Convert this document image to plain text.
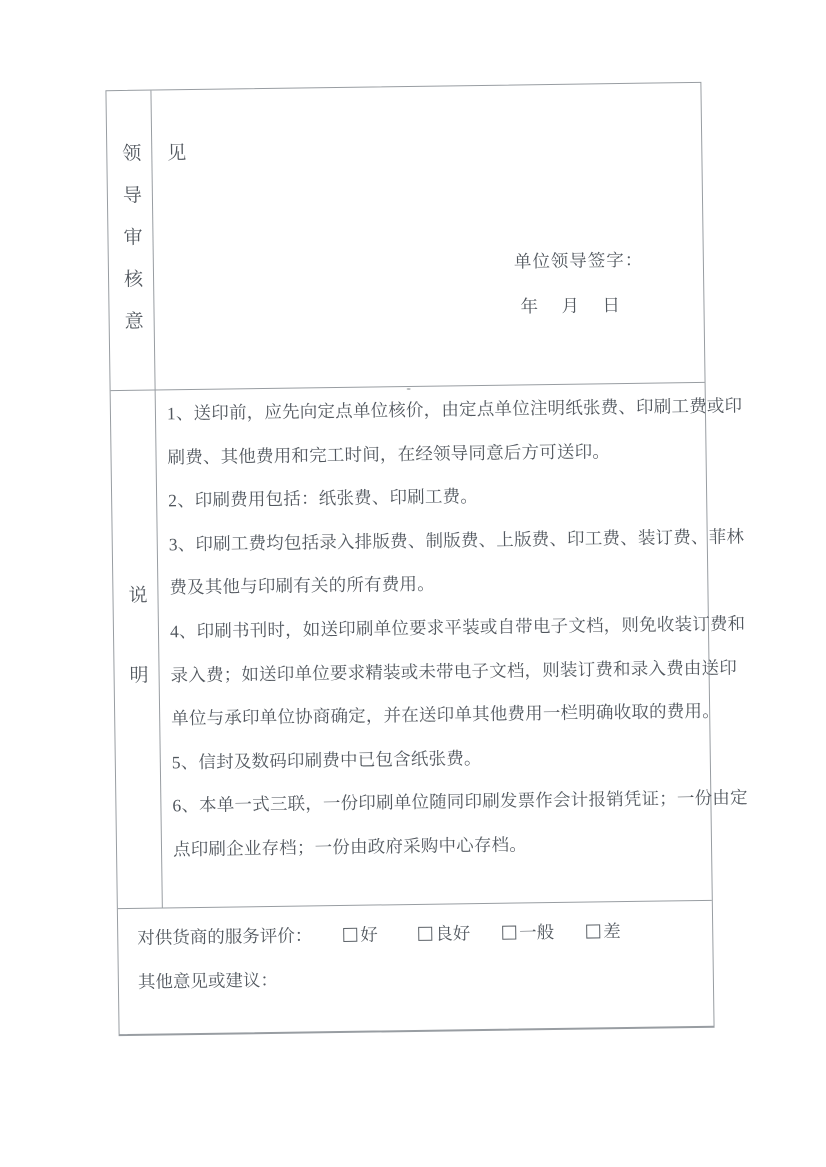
领导审核意见
单位领导签字：
年　月　日
说明

1、送印前，应先向定点单位核价，由定点单位注明纸张费、印刷工费或印

刷费、其他费用和完工时间，在经领导同意后方可送印。

2、印刷费用包括：纸张费、印刷工费。

3、印刷工费均包括录入排版费、制版费、上版费、印工费、装订费、菲林

费及其他与印刷有关的所有费用。

4、印刷书刊时，如送印刷单位要求平装或自带电子文档，则免收装订费和

录入费；如送印单位要求精装或未带电子文档，则装订费和录入费由送印

单位与承印单位协商确定，并在送印单其他费用一栏明确收取的费用。

5、信封及数码印刷费中已包含纸张费。

6、本单一式三联，一份印刷单位随同印刷发票作会计报销凭证；一份由定

点印刷企业存档；一份由政府采购中心存档。

对供货商的服务评价：	好	良好	一般	差
其他意见或建议：
